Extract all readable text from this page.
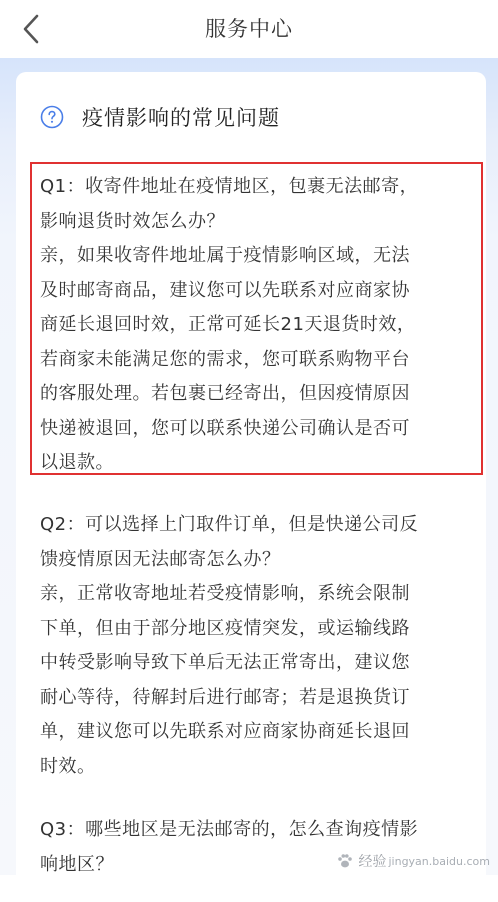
服务中心
疫情影响的常见问题
Q1：收寄件地址在疫情地区，包裹无法邮寄，
影响退货时效怎么办？
亲，如果收寄件地址属于疫情影响区域，无法
及时邮寄商品，建议您可以先联系对应商家协
商延长退回时效，正常可延长21天退货时效，
若商家未能满足您的需求，您可联系购物平台
的客服处理。若包裹已经寄出，但因疫情原因
快递被退回，您可以联系快递公司确认是否可
以退款。
Q2：可以选择上门取件订单，但是快递公司反
馈疫情原因无法邮寄怎么办？
亲，正常收寄地址若受疫情影响，系统会限制
下单，但由于部分地区疫情突发，或运输线路
中转受影响导致下单后无法正常寄出，建议您
耐心等待，待解封后进行邮寄；若是退换货订
单，建议您可以先联系对应商家协商延长退回
时效。
Q3：哪些地区是无法邮寄的，怎么查询疫情影
响地区？	经验 jingyan.baidu.com
